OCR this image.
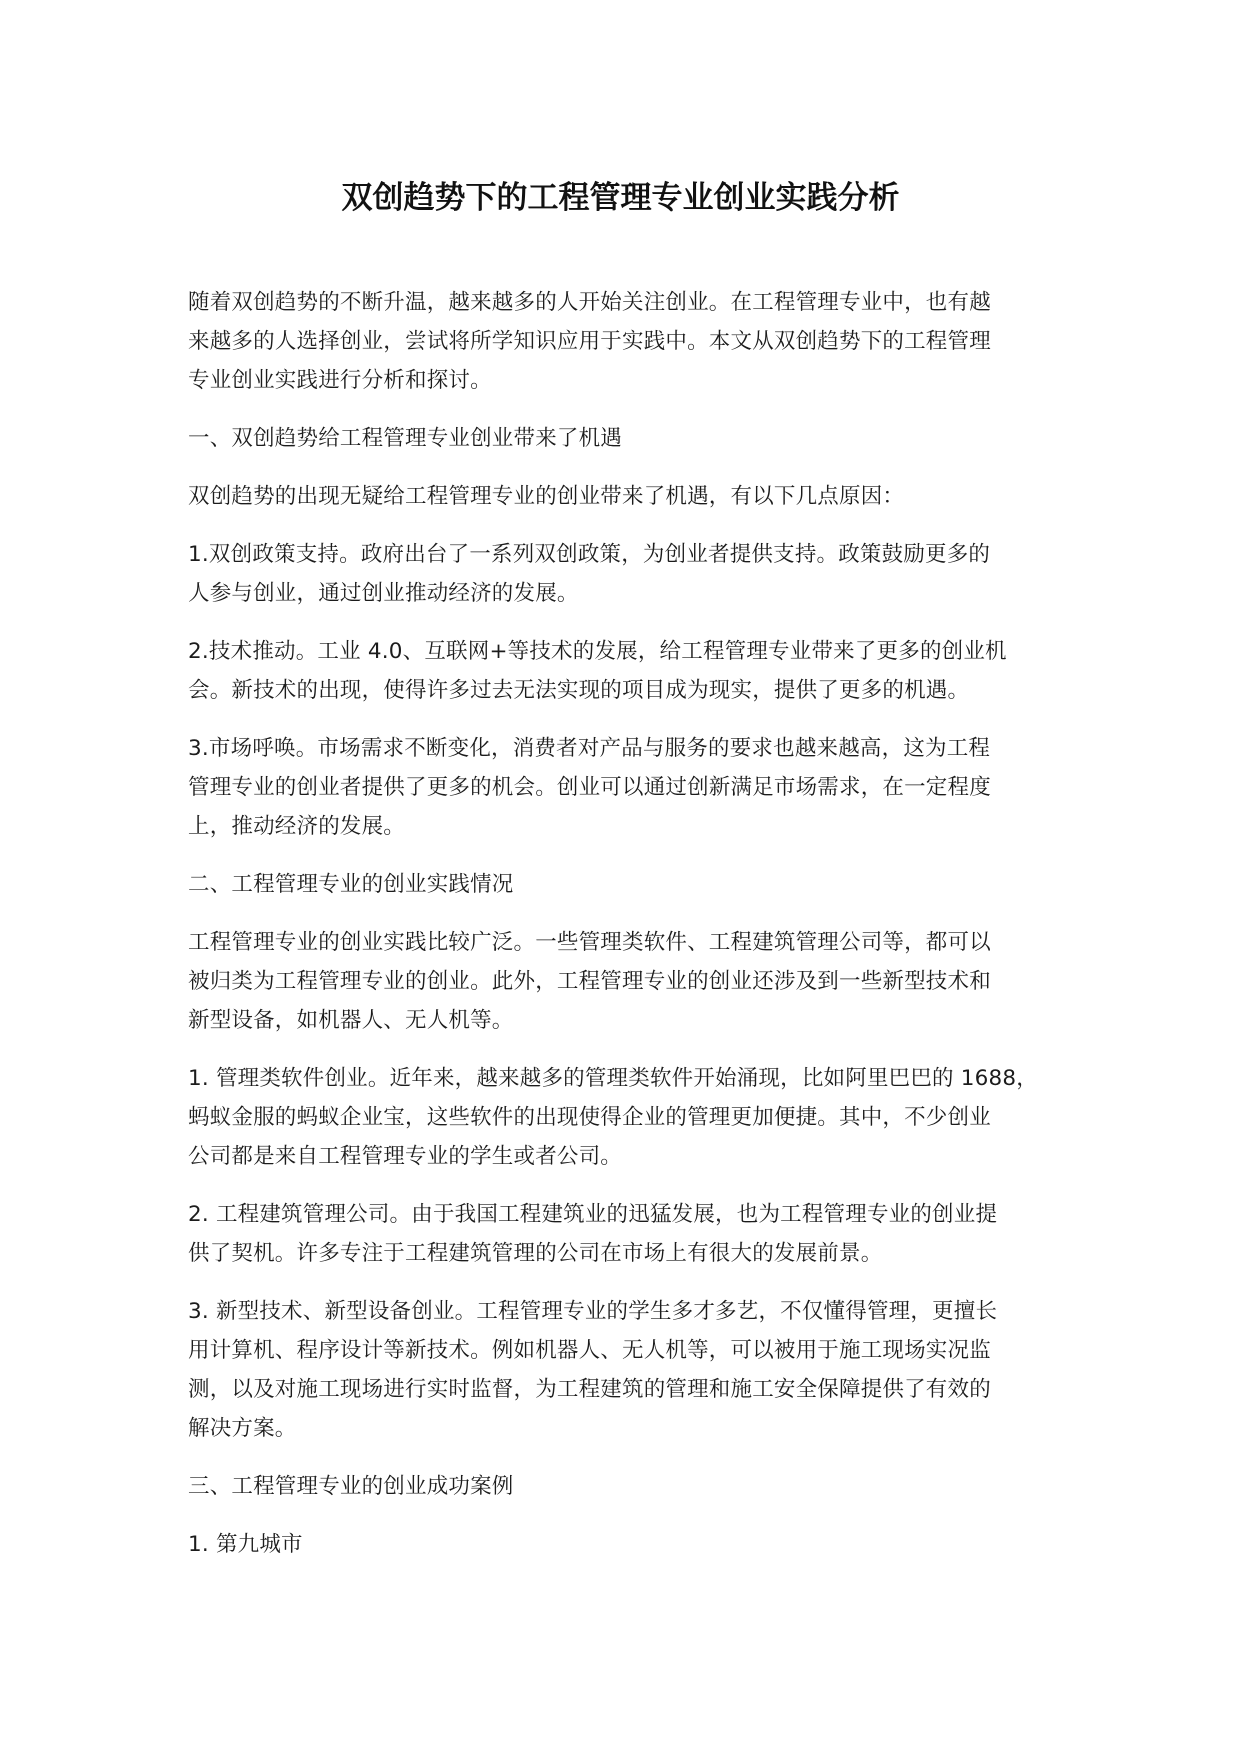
双创趋势下的工程管理专业创业实践分析

随着双创趋势的不断升温，越来越多的人开始关注创业。在工程管理专业中，也有越
来越多的人选择创业，尝试将所学知识应用于实践中。本文从双创趋势下的工程管理
专业创业实践进行分析和探讨。

一、双创趋势给工程管理专业创业带来了机遇

双创趋势的出现无疑给工程管理专业的创业带来了机遇，有以下几点原因：

1.双创政策支持。政府出台了一系列双创政策，为创业者提供支持。政策鼓励更多的
人参与创业，通过创业推动经济的发展。

2.技术推动。工业 4.0、互联网+等技术的发展，给工程管理专业带来了更多的创业机
会。新技术的出现，使得许多过去无法实现的项目成为现实，提供了更多的机遇。

3.市场呼唤。市场需求不断变化，消费者对产品与服务的要求也越来越高，这为工程
管理专业的创业者提供了更多的机会。创业可以通过创新满足市场需求，在一定程度
上，推动经济的发展。

二、工程管理专业的创业实践情况

工程管理专业的创业实践比较广泛。一些管理类软件、工程建筑管理公司等，都可以
被归类为工程管理专业的创业。此外，工程管理专业的创业还涉及到一些新型技术和
新型设备，如机器人、无人机等。

1. 管理类软件创业。近年来，越来越多的管理类软件开始涌现，比如阿里巴巴的 1688，
蚂蚁金服的蚂蚁企业宝，这些软件的出现使得企业的管理更加便捷。其中，不少创业
公司都是来自工程管理专业的学生或者公司。

2. 工程建筑管理公司。由于我国工程建筑业的迅猛发展，也为工程管理专业的创业提
供了契机。许多专注于工程建筑管理的公司在市场上有很大的发展前景。

3. 新型技术、新型设备创业。工程管理专业的学生多才多艺，不仅懂得管理，更擅长
用计算机、程序设计等新技术。例如机器人、无人机等，可以被用于施工现场实况监
测，以及对施工现场进行实时监督，为工程建筑的管理和施工安全保障提供了有效的
解决方案。

三、工程管理专业的创业成功案例

1. 第九城市
